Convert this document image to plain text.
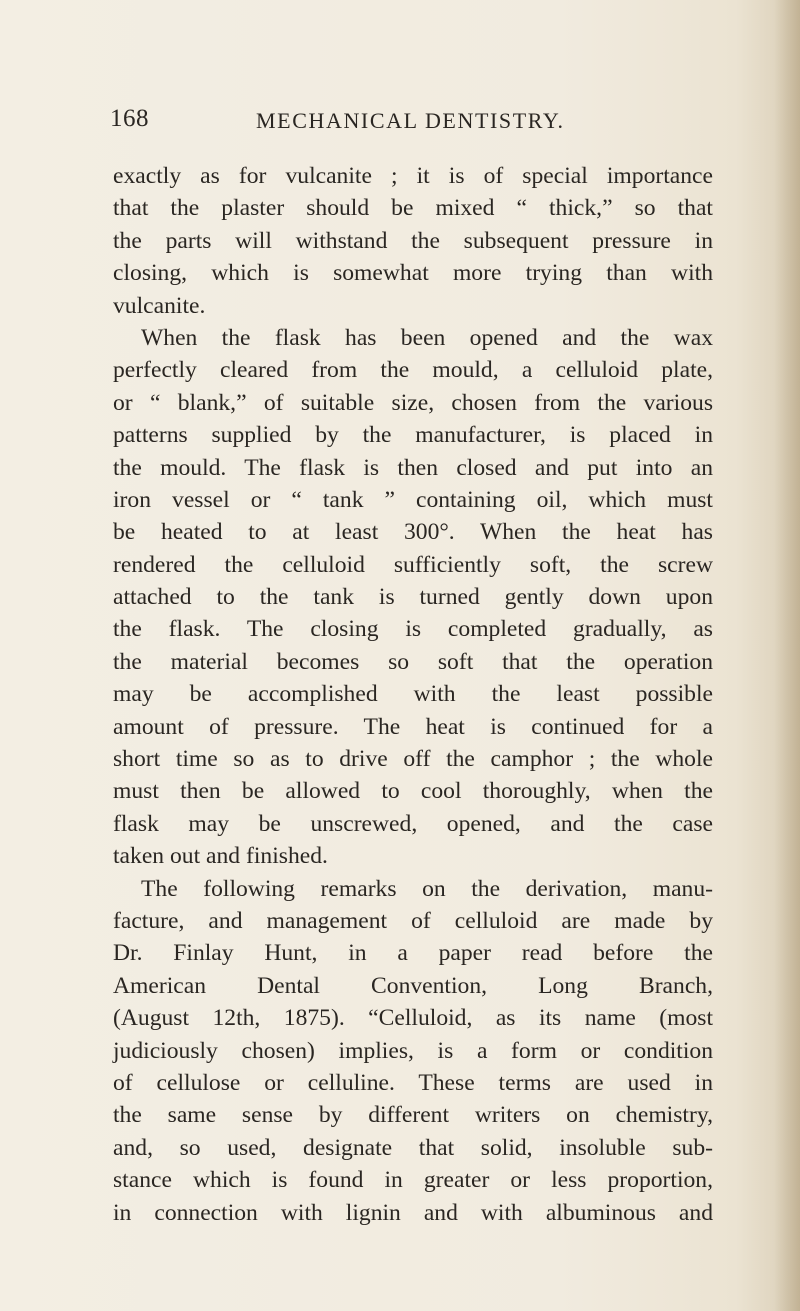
168	MECHANICAL DENTISTRY.
exactly as for vulcanite ; it is of special importance
that the plaster should be mixed “ thick,” so that
the parts will withstand the subsequent pressure in
closing, which is somewhat more trying than with
vulcanite.
When the flask has been opened and the wax
perfectly cleared from the mould, a celluloid plate,
or “ blank,” of suitable size, chosen from the various
patterns supplied by the manufacturer, is placed in
the mould. The flask is then closed and put into an
iron vessel or “ tank ” containing oil, which must
be heated to at least 300°. When the heat has
rendered the celluloid sufficiently soft, the screw
attached to the tank is turned gently down upon
the flask. The closing is completed gradually, as
the material becomes so soft that the operation
may be accomplished with the least possible
amount of pressure. The heat is continued for a
short time so as to drive off the camphor ; the whole
must then be allowed to cool thoroughly, when the
flask may be unscrewed, opened, and the case
taken out and finished.
The following remarks on the derivation, manu-
facture, and management of celluloid are made by
Dr. Finlay Hunt, in a paper read before the
American Dental Convention, Long Branch,
(August 12th, 1875). “Celluloid, as its name (most
judiciously chosen) implies, is a form or condition
of cellulose or celluline. These terms are used in
the same sense by different writers on chemistry,
and, so used, designate that solid, insoluble sub-
stance which is found in greater or less proportion,
in connection with lignin and with albuminous and
